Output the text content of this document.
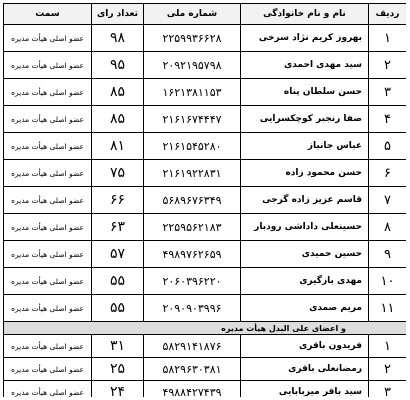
ردیف	نام و نام خانوادگی	شماره ملی	تعداد رای	سمت
۱	بهروز کریم نژاد سرخی	۲۲۵۹۹۳۶۶۲۸	۹۸	عضو اصلی هیأت مدیره
۲	سید مهدی احمدی	۲۰۹۲۱۹۵۷۹۸	۹۵	عضو اصلی هیأت مدیره
۳	حسن سلطان پناه	۱۶۲۱۳۸۱۱۵۳	۸۵	عضو اصلی هیأت مدیره
۴	صفا رنجبر کوچکسرایی	۲۱۶۱۶۷۴۴۴۷	۸۵	عضو اصلی هیأت مدیره
۵	عباس جانباز	۲۱۶۱۵۴۵۲۸۰	۸۱	عضو اصلی هیأت مدیره
۶	حسن محمود زاده	۲۱۶۱۹۲۲۸۳۱	۷۵	عضو اصلی هیأت مدیره
۷	قاسم عزیز زاده گرجی	۵۶۸۹۶۷۶۳۴۹	۶۶	عضو اصلی هیأت مدیره
۸	حسینعلی داداشی رودبار	۲۲۵۹۵۶۲۱۸۳	۶۳	عضو اصلی هیأت مدیره
۹	حسین حمیدی	۴۹۸۹۷۶۲۶۵۹	۵۷	عضو اصلی هیأت مدیره
۱۰	مهدی بازگیری	۲۰۶۰۳۹۶۲۲۰	۵۵	عضو اصلی هیأت مدیره
۱۱	مریم صمدی	۲۰۹۰۹۰۳۹۹۶	۵۵	عضو اصلی هیأت مدیره
و اعضای علی البدل هیأت مدیره				
۱	فریدون باقری	۵۸۲۹۱۴۱۸۷۶	۳۱	عضو اصلی هیأت مدیره
۲	رمضانعلی باقری	۵۸۲۹۶۳۰۳۸۱	۲۵	عضو اصلی هیأت مدیره
۳	سید باقر میربابایی	۴۹۸۸۴۲۷۴۳۹	۲۴	عضو اصلی هیأت مدیره
